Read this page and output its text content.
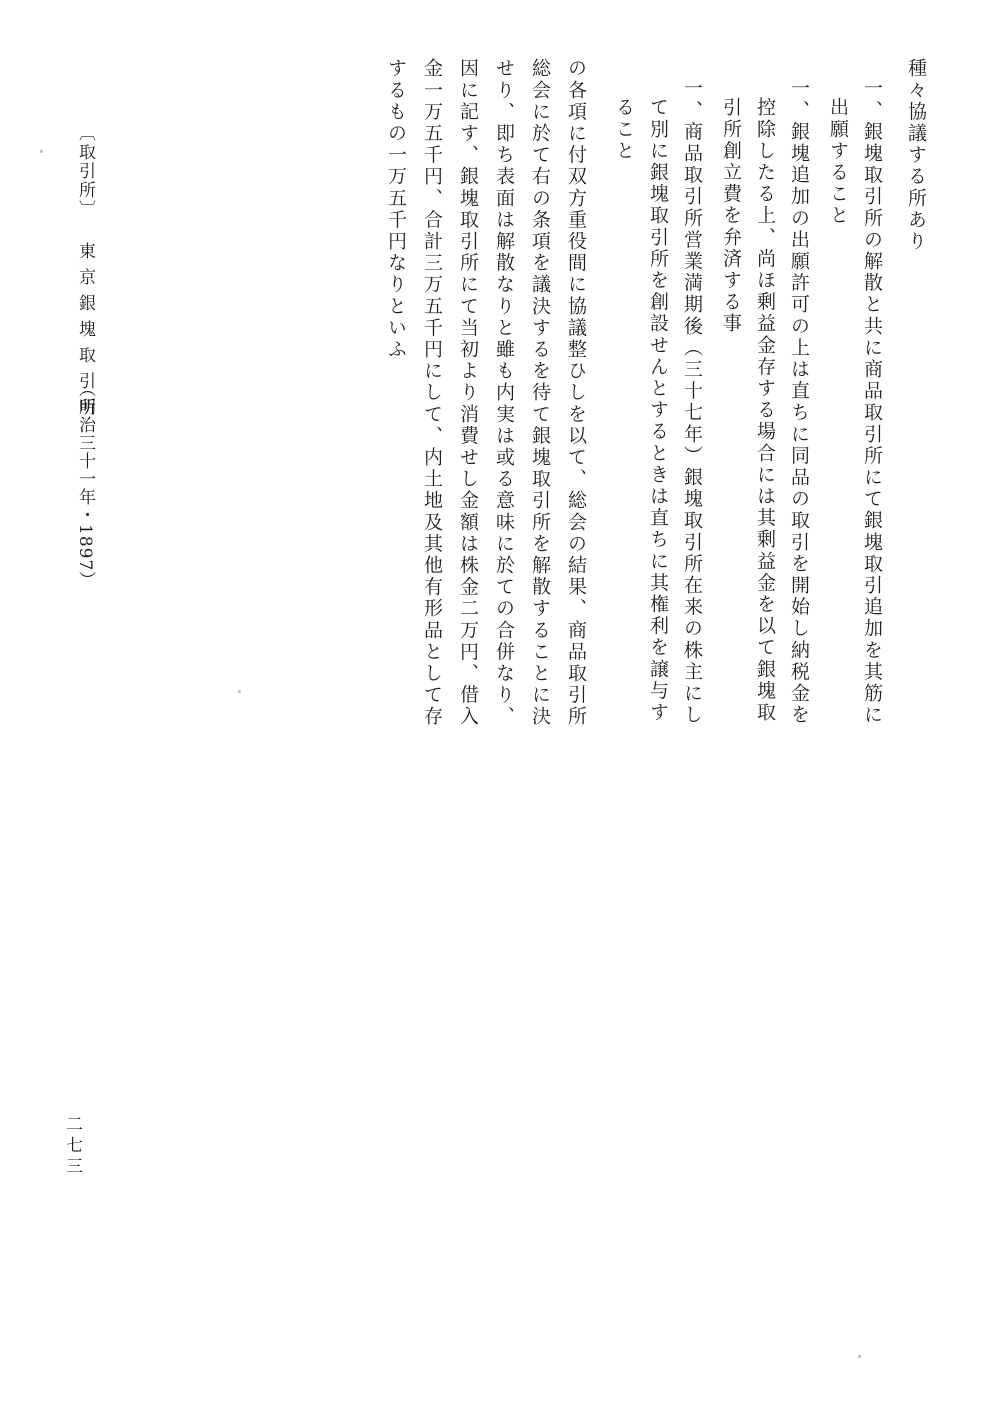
種々協議する所あり

一、銀塊取引所の解散と共に商品取引所にて銀塊取引追加を其筋に

出願すること

一、銀塊追加の出願許可の上は直ちに同品の取引を開始し納税金を

控除したる上、尚ほ剰益金存する場合には其剰益金を以て銀塊取

引所創立費を弁済する事

一、商品取引所営業満期後（三十七年）銀塊取引所在来の株主にし

て別に銀塊取引所を創設せんとするときは直ちに其権利を譲与す

ること

の各項に付双方重役間に協議整ひしを以て、総会の結果、商品取引所

総会に於て右の条項を議決するを待て銀塊取引所を解散することに決

せり、即ち表面は解散なりと雖も内実は或る意味に於ての合併なり、

因に記す、銀塊取引所にて当初より消費せし金額は株金二万円、借入

金一万五千円、合計三万五千円にして、内土地及其他有形品として存

するもの一万五千円なりといふ

〔取引所〕
東京銀塊取引所
（明治三十一年・1897）
二七三
